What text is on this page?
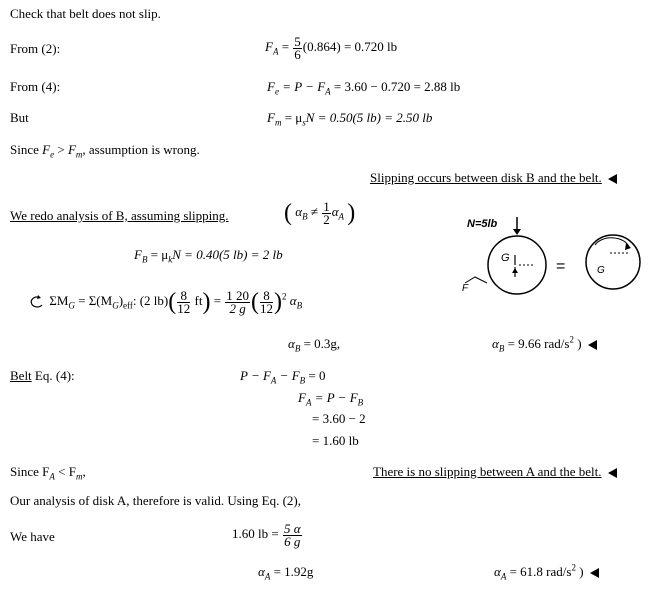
Check that belt does not slip.
From (2):	$F_A = \frac{5}{6} (0.864) = 0.720$ lb
From (4):	$F_e = P - F_A = 3.60 - 0.720 = 2.88$ lb
But	$F_m = \mu_sN = 0.50(5$ lb) = 2.50 lb
Since $F_e > F_m$, assumption is wrong.
Slipping occurs between disk B and the belt.
We redo analysis of B, assuming slipping. ( $\alpha_B \ne \frac{1}{2} \alpha_A$ )
$F_B = \mu_kN = 0.40(5$ lb) = 2 lb
$\Sigma M_G = \Sigma(M_G)_{eff}$: (2 $lb)( \frac{8}{12} ft) = \frac{1 20}{2 g}$ ( $\frac{8}{12} )^2$ $\alpha_B$
N=5lb
G
F
=	G
$\alpha_B = 0.3g$,	$\alpha_B = 9.66$ rad/$s^2$ )
Belt Eq. (4):	$P - F_A - F_B = 0$
$F_A = P - F_B$
= 3.60 − 2
= 1.60 lb
Since $F_A < F_m$,	There is no slipping between A and the belt.
Our analysis of disk A, therefore is valid. Using Eq. (2),
We have	1.60 lb = $\frac{5 \alpha}{6 g}$
$\alpha_A = 1.92g$	$\alpha_A = 61.8$ rad/$s^2$ )
